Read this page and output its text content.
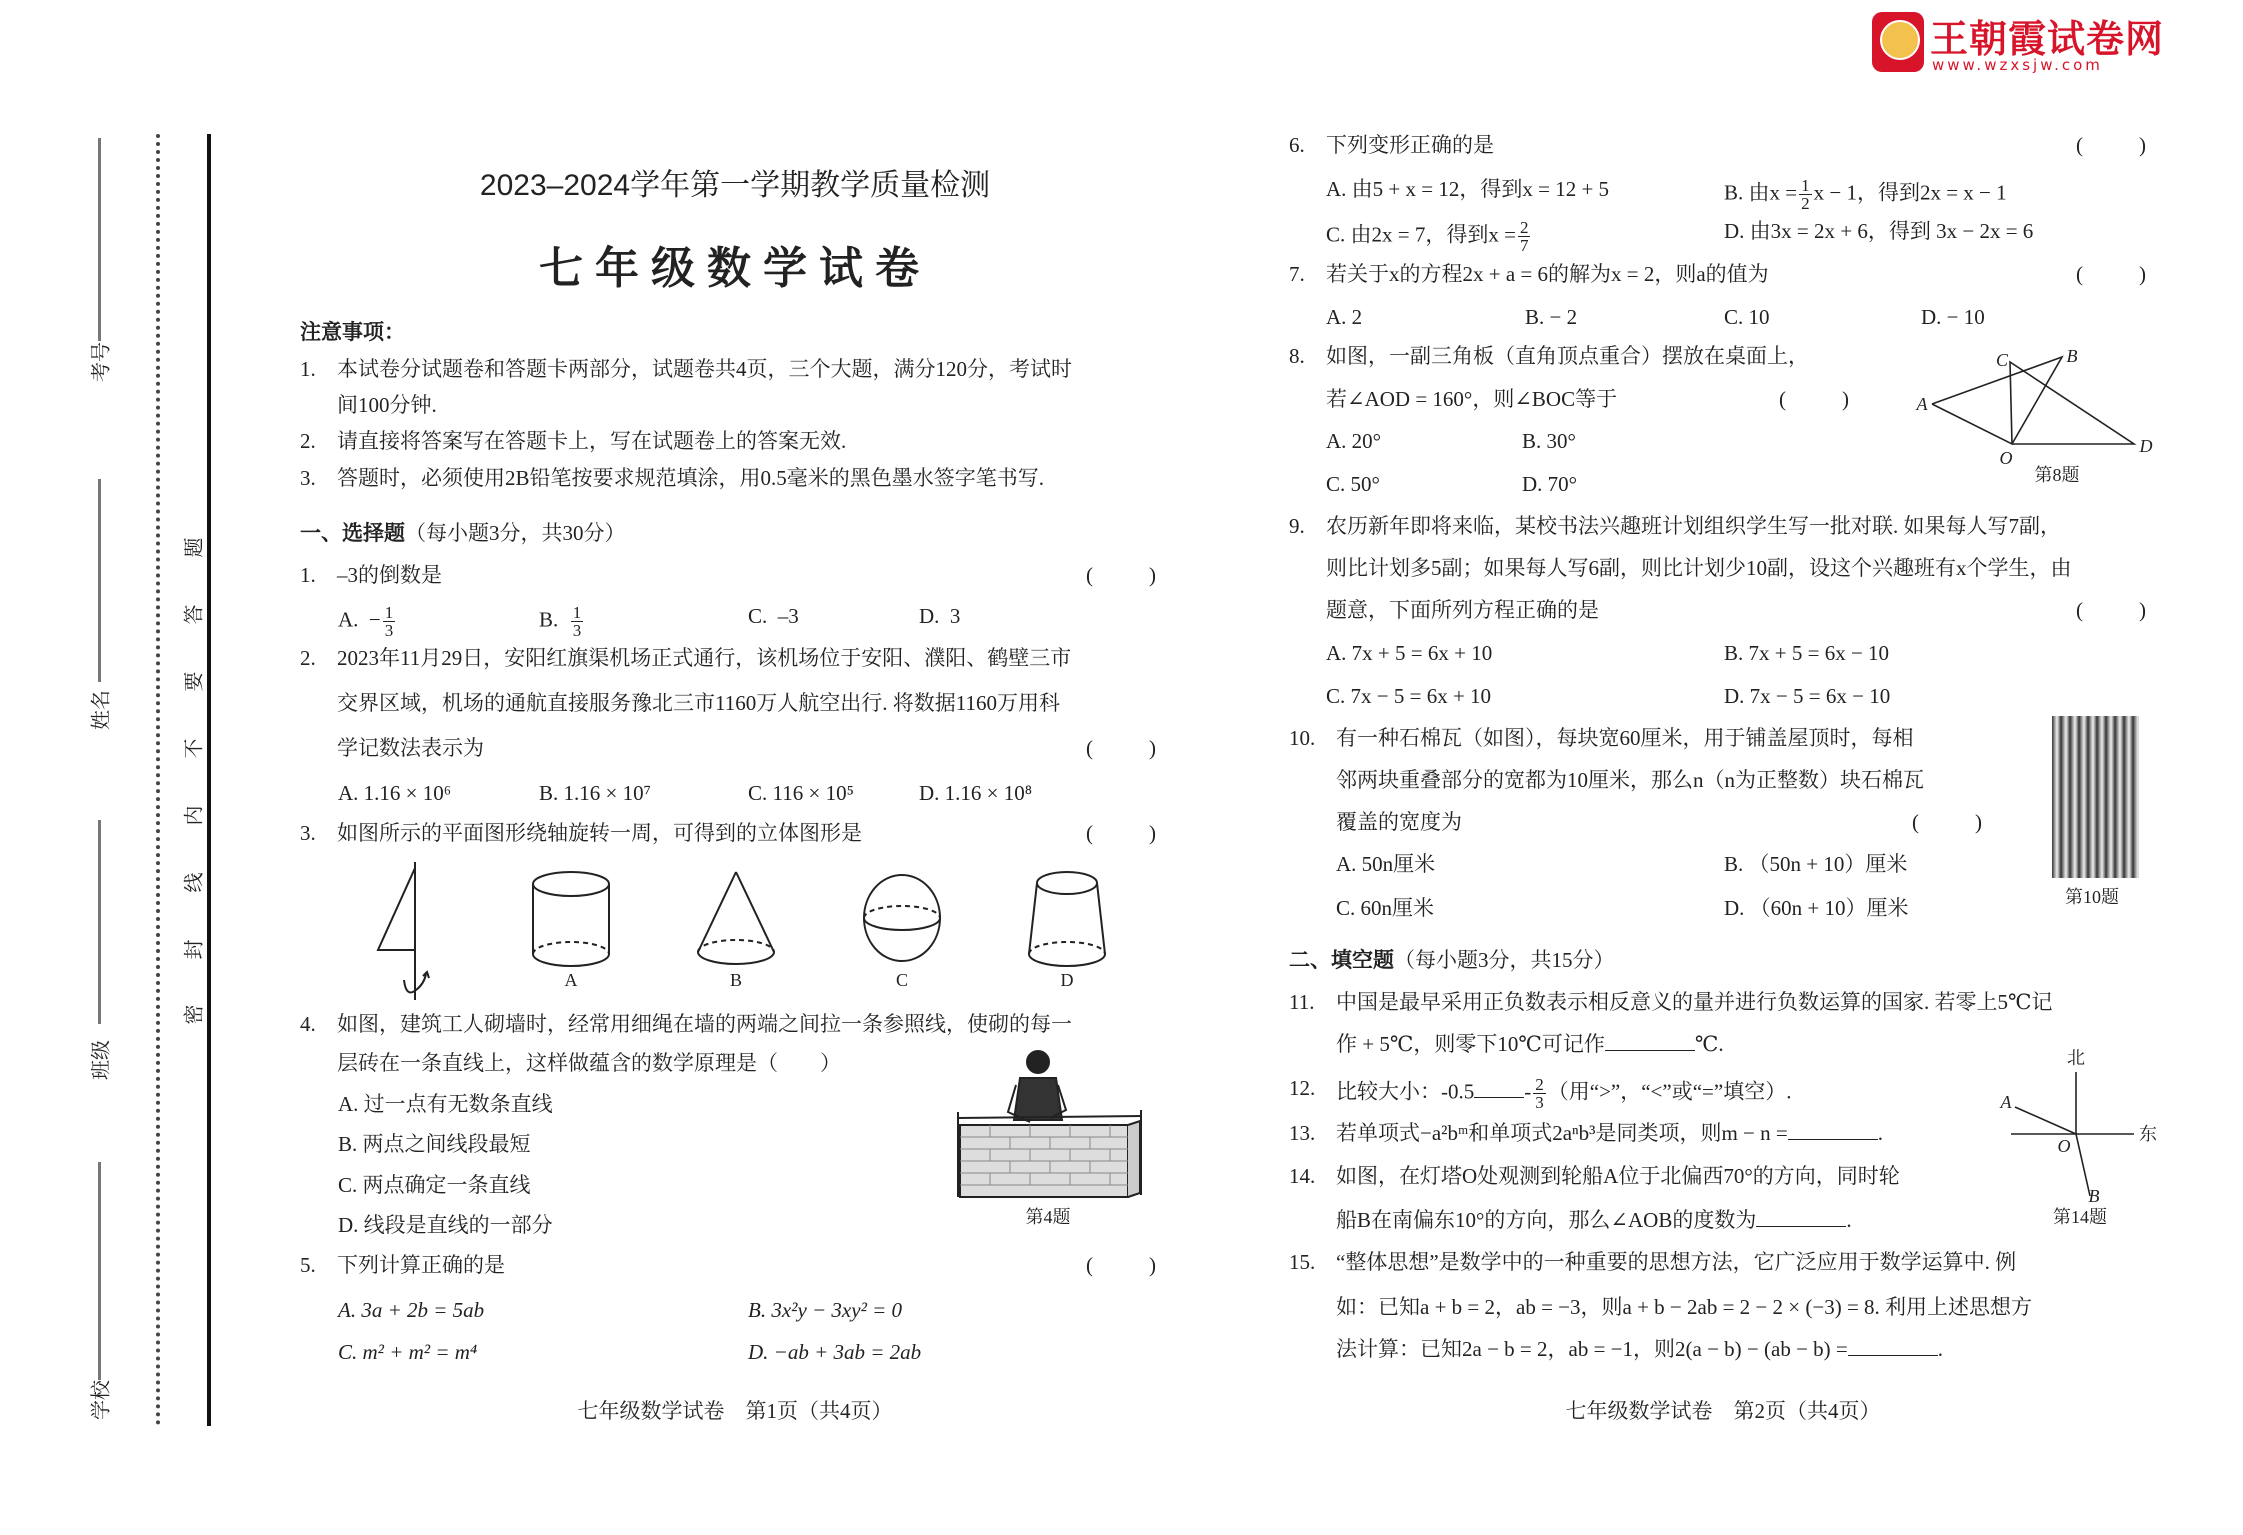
王朝霞试卷网
www.wzxsjw.com
考号
姓名
班级
学校
题
答
要
不
内
线
封
密
2023–2024学年第一学期教学质量检测
七年级数学试卷
注意事项：
1. 本试卷分试题卷和答题卡两部分，试题卷共4页，三个大题，满分120分，考试时
间100分钟.
2. 请直接将答案写在答题卡上，写在试题卷上的答案无效.
3. 答题时，必须使用2B铅笔按要求规范填涂，用0.5毫米的黑色墨水签字笔书写.
一、选择题（每小题3分，共30分）
1. –3的倒数是	(	)
A. − $\frac{1}{3}$	B. $\frac{1}{3}$	C. –3	D. 3
2. 2023年11月29日，安阳红旗渠机场正式通行，该机场位于安阳、濮阳、鹤壁三市
交界区域，机场的通航直接服务豫北三市1160万人航空出行. 将数据1160万用科
学记数法表示为	(	)
A. 1.16 × 10⁶	B. 1.16 × 10⁷	C. 116 × 10⁵	D. 1.16 × 10⁸
3. 如图所示的平面图形绕轴旋转一周，可得到的立体图形是	(	)
A	B	C	D
4. 如图，建筑工人砌墙时，经常用细绳在墙的两端之间拉一条参照线，使砌的每一
层砖在一条直线上，这样做蕴含的数学原理是（　　）
A. 过一点有无数条直线
B. 两点之间线段最短
C. 两点确定一条直线
D. 线段是直线的一部分	第4题
5. 下列计算正确的是	(	)
A. 3a + 2b = 5ab	B. 3x²y − 3xy² = 0
C. m² + m² = m⁴	D. −ab + 3ab = 2ab
七年级数学试卷　第1页（共4页）
6. 下列变形正确的是	(	)
A. 由5 + x = 12，得到x = 12 + 5	B. 由$x = \frac{1}{2}$ x − 1，得到2x = x − 1
C. 由2x = 7，得到$x = \frac{2}{7}$	D. 由3x = 2x + 6，得到 3x − 2x = 6
7. 若关于x的方程2x + a = 6的解为x = 2，则a的值为	(	)
A. 2	B. − 2	C. 10	D. − 10
8. 如图，一副三角板（直角顶点重合）摆放在桌面上，
若∠AOD = 160°，则∠BOC等于	(	)
A. 20°	B. 30°
C. 50°	D. 70°
A
B
C
D
O
第8题
9. 农历新年即将来临，某校书法兴趣班计划组织学生写一批对联. 如果每人写7副，
则比计划多5副；如果每人写6副，则比计划少10副，设这个兴趣班有x个学生，由
题意，下面所列方程正确的是	(	)
A. 7x + 5 = 6x + 10	B. 7x + 5 = 6x − 10
C. 7x − 5 = 6x + 10	D. 7x − 5 = 6x − 10
10. 有一种石棉瓦（如图），每块宽60厘米，用于铺盖屋顶时，每相
邻两块重叠部分的宽都为10厘米，那么n（n为正整数）块石棉瓦
覆盖的宽度为	(	)
A. 50n厘米	B. （50n + 10）厘米
C. 60n厘米	D. （60n + 10）厘米	第10题
二、填空题（每小题3分，共15分）
11. 中国是最早采用正负数表示相反意义的量并进行负数运算的国家. 若零上5℃记
作 + 5℃，则零下10℃可记作	℃.
12. 比较大小：$-0.5 - \frac{2}{3}$ （用“>”，“<”或“=”填空）.
13. 若单项式−a²bᵐ和单项式2aⁿb³是同类项，则m − n =	.
14. 如图，在灯塔O处观测到轮船A位于北偏西70°的方向，同时轮
船B在南偏东10°的方向，那么∠AOB的度数为	.
北
东
A
B
O
第14题
15. “整体思想”是数学中的一种重要的思想方法，它广泛应用于数学运算中. 例
如：已知a + b = 2，ab = −3，则a + b − 2ab = 2 − 2 × (−3) = 8. 利用上述思想方
法计算：已知2a − b = 2，ab = −1，则2(a − b) − (ab − b) =	.
七年级数学试卷　第2页（共4页）
